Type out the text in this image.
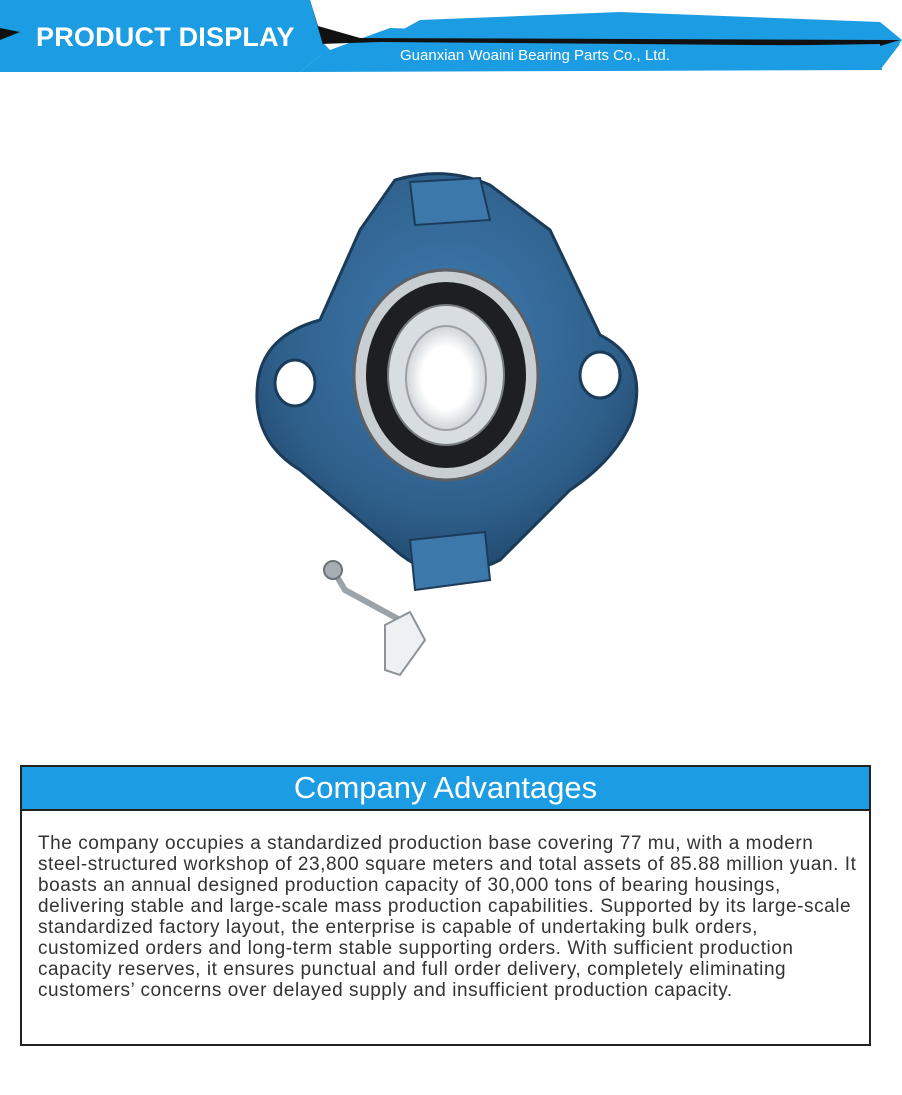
PRODUCT DISPLAY
Guanxian Woaini Bearing Parts Co., Ltd.
Company Advantages
The company occupies a standardized production base covering 77 mu, with a modern steel-structured workshop of 23,800 square meters and total assets of 85.88 million yuan. It boasts an annual designed production capacity of 30,000 tons of bearing housings, delivering stable and large-scale mass production capabilities. Supported by its large-scale standardized factory layout, the enterprise is capable of undertaking bulk orders, customized orders and long-term stable supporting orders. With sufficient production capacity reserves, it ensures punctual and full order delivery, completely eliminating customers’ concerns over delayed supply and insufficient production capacity.
